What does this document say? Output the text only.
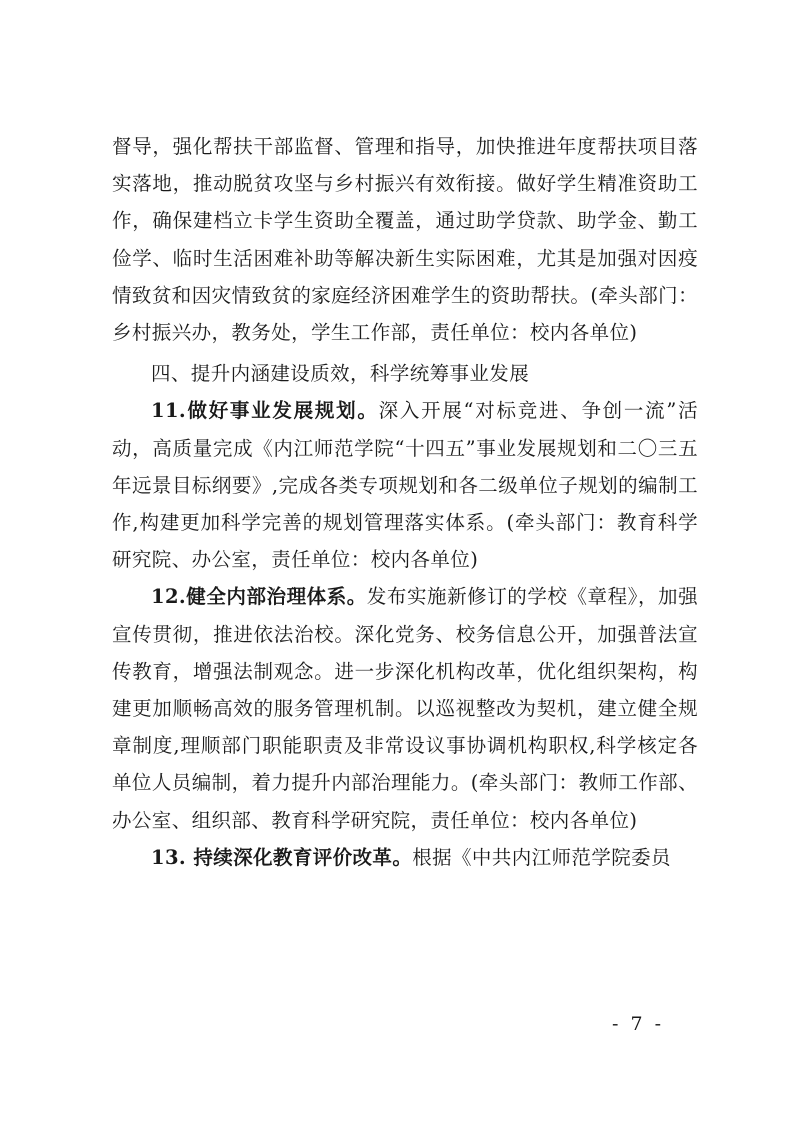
督导，强化帮扶干部监督、管理和指导，加快推进年度帮扶项目落实落地，推动脱贫攻坚与乡村振兴有效衔接。做好学生精准资助工作，确保建档立卡学生资助全覆盖，通过助学贷款、助学金、勤工俭学、临时生活困难补助等解决新生实际困难，尤其是加强对因疫情致贫和因灾情致贫的家庭经济困难学生的资助帮扶。(牵头部门：乡村振兴办，教务处，学生工作部，责任单位：校内各单位)

四、提升内涵建设质效，科学统筹事业发展

11.做好事业发展规划。深入开展“对标竞进、争创一流”活动，高质量完成《内江师范学院“十四五”事业发展规划和二〇三五年远景目标纲要》,完成各类专项规划和各二级单位子规划的编制工作,构建更加科学完善的规划管理落实体系。(牵头部门：教育科学研究院、办公室，责任单位：校内各单位)

12.健全内部治理体系。发布实施新修订的学校《章程》，加强宣传贯彻，推进依法治校。深化党务、校务信息公开，加强普法宣传教育，增强法制观念。进一步深化机构改革，优化组织架构，构建更加顺畅高效的服务管理机制。以巡视整改为契机，建立健全规章制度,理顺部门职能职责及非常设议事协调机构职权,科学核定各单位人员编制，着力提升内部治理能力。(牵头部门：教师工作部、办公室、组织部、教育科学研究院，责任单位：校内各单位)

13. 持续深化教育评价改革。根据《中共内江师范学院委员

- 7 -
